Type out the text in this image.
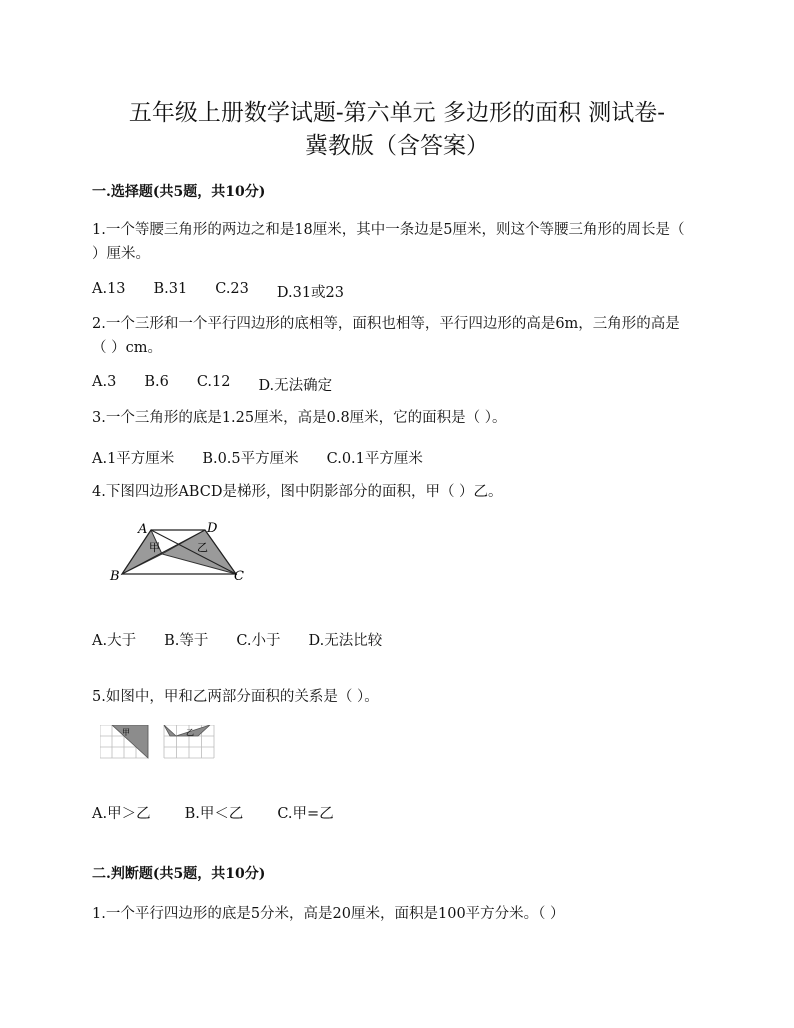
五年级上册数学试题-第六单元 多边形的面积 测试卷-
冀教版（含答案）
一.选择题(共5题，共10分)
1.一个等腰三角形的两边之和是18厘米，其中一条边是5厘米，则这个等腰三角形的周长是（ ）厘米。
A.13 B.31 C.23 D.31或23
2.一个三形和一个平行四边形的底相等，面积也相等，平行四边形的高是6m，三角形的高是（ ）cm。
A.3 B.6 C.12 D.无法确定
3.一个三角形的底是1.25厘米，高是0.8厘米，它的面积是（ ）。
A.1平方厘米 B.0.5平方厘米 C.0.1平方厘米
4.下图四边形ABCD是梯形，图中阴影部分的面积，甲（ ）乙。
A	D
B	C
甲	乙
A.大于 B.等于 C.小于 D.无法比较
5.如图中，甲和乙两部分面积的关系是（ ）。
甲	乙
A.甲＞乙 B.甲＜乙 C.甲=乙
二.判断题(共5题，共10分)
1.一个平行四边形的底是5分米，高是20厘米，面积是100平方分米。（ ）
